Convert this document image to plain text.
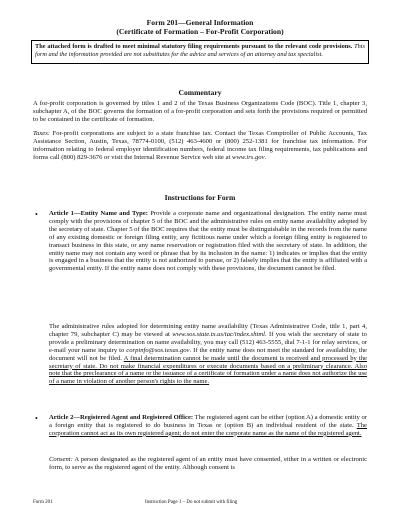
Form 201—General Information
(Certificate of Formation – For-Profit Corporation)
The attached form is drafted to meet minimal statutory filing requirements pursuant to the relevant code provisions. This form and the information provided are not substitutes for the advice and services of an attorney and tax specialist.
Commentary
A for-profit corporation is governed by titles 1 and 2 of the Texas Business Organizations Code (BOC). Title 1, chapter 3, subchapter A, of the BOC governs the formation of a for-profit corporation and sets forth the provisions required or permitted to be contained in the certificate of formation.
Taxes: For-profit corporations are subject to a state franchise tax. Contact the Texas Comptroller of Public Accounts, Tax Assistance Section, Austin, Texas, 78774-0100, (512) 463-4600 or (800) 252-1381 for franchise tax information. For information relating to federal employer identification numbers, federal income tax filing requirements, tax publications and forms call (800) 829-3676 or visit the Internal Revenue Service web site at www.irs.gov.
Instructions for Form
• Article 1—Entity Name and Type: Provide a corporate name and organizational designation. The entity name must comply with the provisions of chapter 5 of the BOC and the administrative rules on entity name availability adopted by the secretary of state. Chapter 5 of the BOC requires that the entity must be distinguishable in the records from the name of any existing domestic or foreign filing entity, any fictitious name under which a foreign filing entity is registered to transact business in this state, or any name reservation or registration filed with the secretary of state. In addition, the entity name may not contain any word or phrase that by its inclusion in the name: 1) indicates or implies that the entity is engaged in a business that the entity is not authorized to pursue, or 2) falsely implies that the entity is affiliated with a governmental entity. If the entity name does not comply with these provisions, the document cannot be filed.
The administrative rules adopted for determining entity name availability (Texas Administrative Code, title 1, part 4, chapter 79, subchapter C) may be viewed at www.sos.state.tx.us/tac/index.shtml. If you wish the secretary of state to provide a preliminary determination on name availability, you may call (512) 463-5555, dial 7-1-1 for relay services, or e-mail your name inquiry to corpinfo@sos.texas.gov. If the entity name does not meet the standard for availability, the document will not be filed. A final determination cannot be made until the document is received and processed by the secretary of state. Do not make financial expenditures or execute documents based on a preliminary clearance. Also note that the preclearance of a name or the issuance of a certificate of formation under a name does not authorize the use of a name in violation of another person's rights to the name.
• Article 2—Registered Agent and Registered Office: The registered agent can be either (option A) a domestic entity or a foreign entity that is registered to do business in Texas or (option B) an individual resident of the state. The corporation cannot act as its own registered agent; do not enter the corporate name as the name of the registered agent.
Consent: A person designated as the registered agent of an entity must have consented, either in a written or electronic form, to serve as the registered agent of the entity. Although consent is
Form 201	Instruction Page 1 – Do not submit with filing
